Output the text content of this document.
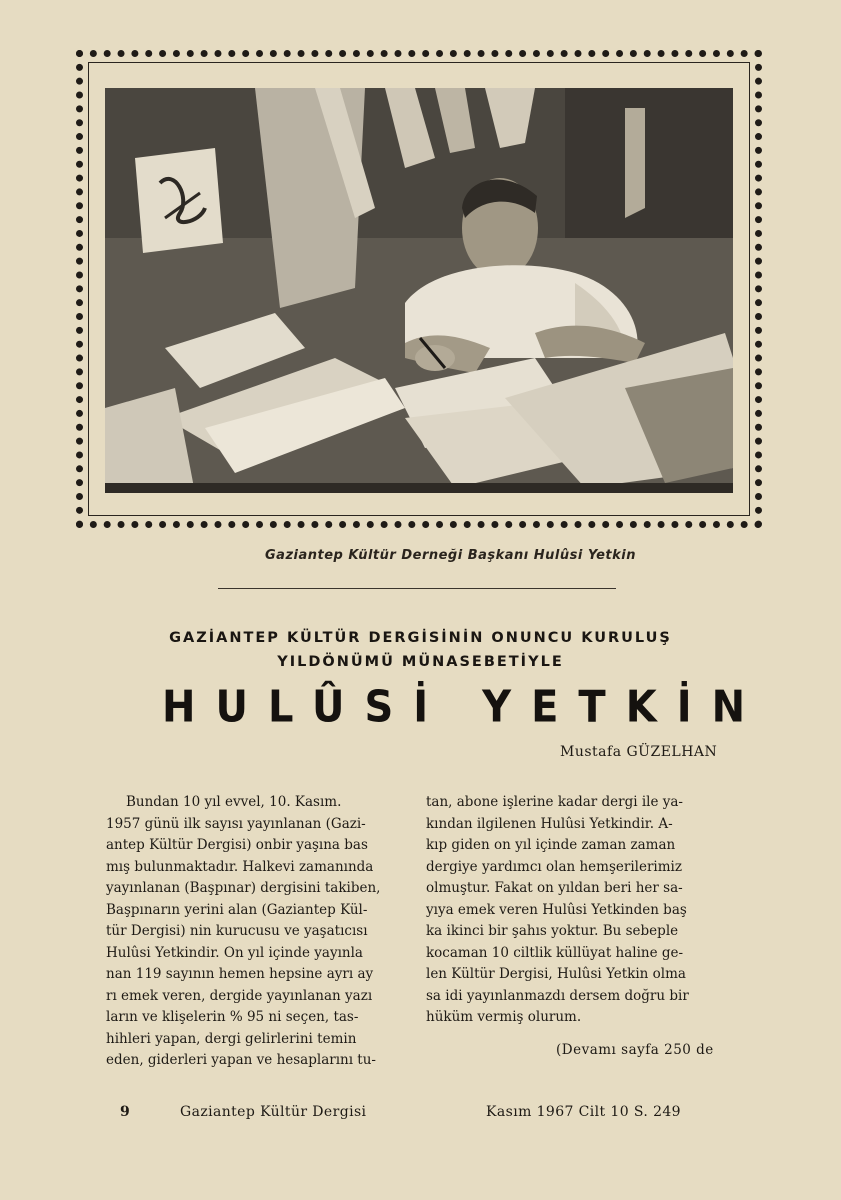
Gaziantep Kültür Derneği Başkanı Hulûsi Yetkin
GAZİANTEP KÜLTÜR DERGİSİNİN ONUNCU KURULUŞ
YILDÖNÜMÜ MÜNASEBETİYLE
HULÛSİ YETKİN
Mustafa GÜZELHAN

Bundan 10 yıl evvel, 10. Kasım.

1957 günü ilk sayısı yayınlanan (Gazi-

antep Kültür Dergisi) onbir yaşına bas

mış bulunmaktadır. Halkevi zamanında

yayınlanan (Başpınar) dergisini takiben,

Başpınarın yerini alan (Gaziantep Kül-

tür Dergisi) nin kurucusu ve yaşatıcısı

Hulûsi Yetkindir. On yıl içinde yayınla

nan 119 sayının hemen hepsine ayrı ay

rı emek veren, dergide yayınlanan yazı

ların ve klişelerin % 95 ni seçen, tas-

hihleri yapan, dergi gelirlerini temin

eden, giderleri yapan ve hesaplarını tu-

tan, abone işlerine kadar dergi ile ya-

kından ilgilenen Hulûsi Yetkindir. A-

kıp giden on yıl içinde zaman zaman

dergiye yardımcı olan hemşerilerimiz

olmuştur. Fakat on yıldan beri her sa-

yıya emek veren Hulûsi Yetkinden baş

ka ikinci bir şahıs yoktur. Bu sebeple

kocaman 10 ciltlik küllüyat haline ge-

len Kültür Dergisi, Hulûsi Yetkin olma

sa idi yayınlanmazdı dersem doğru bir

hüküm vermiş olurum.

(Devamı sayfa 250 de
9	Gaziantep Kültür Dergisi	Kasım 1967 Cilt 10 S. 249
